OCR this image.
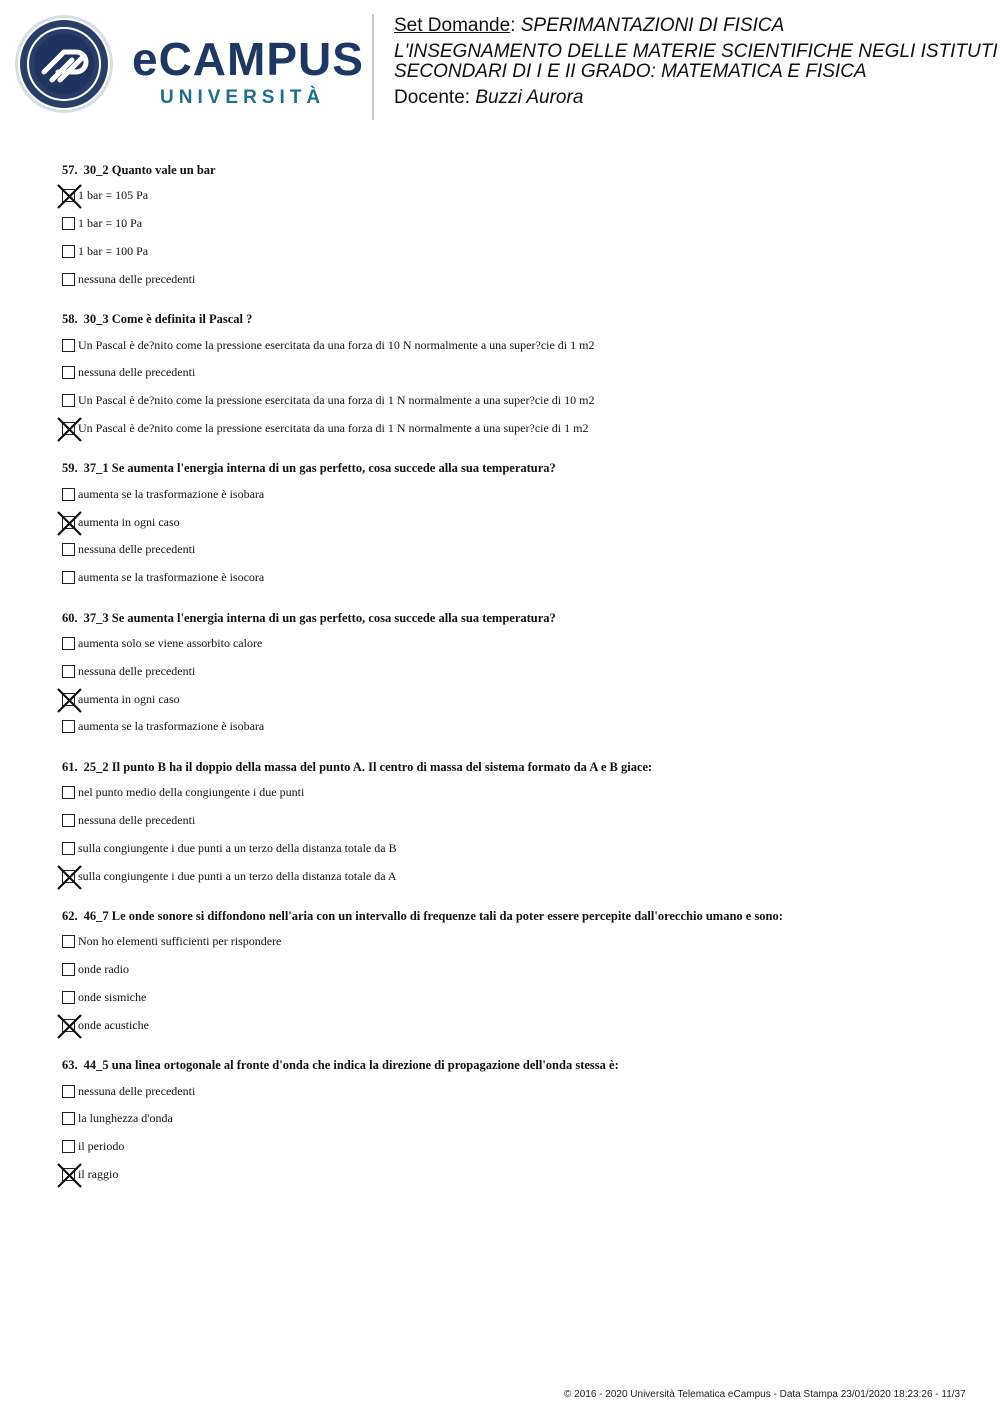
eCAMPUS
UNIVERSITÀ
Set Domande: SPERIMANTAZIONI DI FISICA
L'INSEGNAMENTO DELLE MATERIE SCIENTIFICHE NEGLI ISTITUTI
SECONDARI DI I E II GRADO: MATEMATICA E FISICA
Docente: Buzzi Aurora
57. 30_2 Quanto vale un bar
1 bar = 105 Pa
1 bar = 10 Pa
1 bar = 100 Pa
nessuna delle precedenti
58. 30_3 Come è definita il Pascal ?
Un Pascal è de?nito come la pressione esercitata da una forza di 10 N normalmente a una super?cie di 1 m2
nessuna delle precedenti
Un Pascal è de?nito come la pressione esercitata da una forza di 1 N normalmente a una super?cie di 10 m2
Un Pascal è de?nito come la pressione esercitata da una forza di 1 N normalmente a una super?cie di 1 m2
59. 37_1 Se aumenta l'energia interna di un gas perfetto, cosa succede alla sua temperatura?
aumenta se la trasformazione è isobara
aumenta in ogni caso
nessuna delle precedenti
aumenta se la trasformazione è isocora
60. 37_3 Se aumenta l'energia interna di un gas perfetto, cosa succede alla sua temperatura?
aumenta solo se viene assorbito calore
nessuna delle precedenti
aumenta in ogni caso
aumenta se la trasformazione è isobara
61. 25_2 Il punto B ha il doppio della massa del punto A. Il centro di massa del sistema formato da A e B giace:
nel punto medio della congiungente i due punti
nessuna delle precedenti
sulla congiungente i due punti a un terzo della distanza totale da B
sulla congiungente i due punti a un terzo della distanza totale da A
62. 46_7 Le onde sonore si diffondono nell'aria con un intervallo di frequenze tali da poter essere percepite dall'orecchio umano e sono:
Non ho elementi sufficienti per rispondere
onde radio
onde sismiche
onde acustiche
63. 44_5 una linea ortogonale al fronte d'onda che indica la direzione di propagazione dell'onda stessa è:
nessuna delle precedenti
la lunghezza d'onda
il periodo
il raggio
© 2016 - 2020 Università Telematica eCampus - Data Stampa 23/01/2020 18:23:26 - 11/37
